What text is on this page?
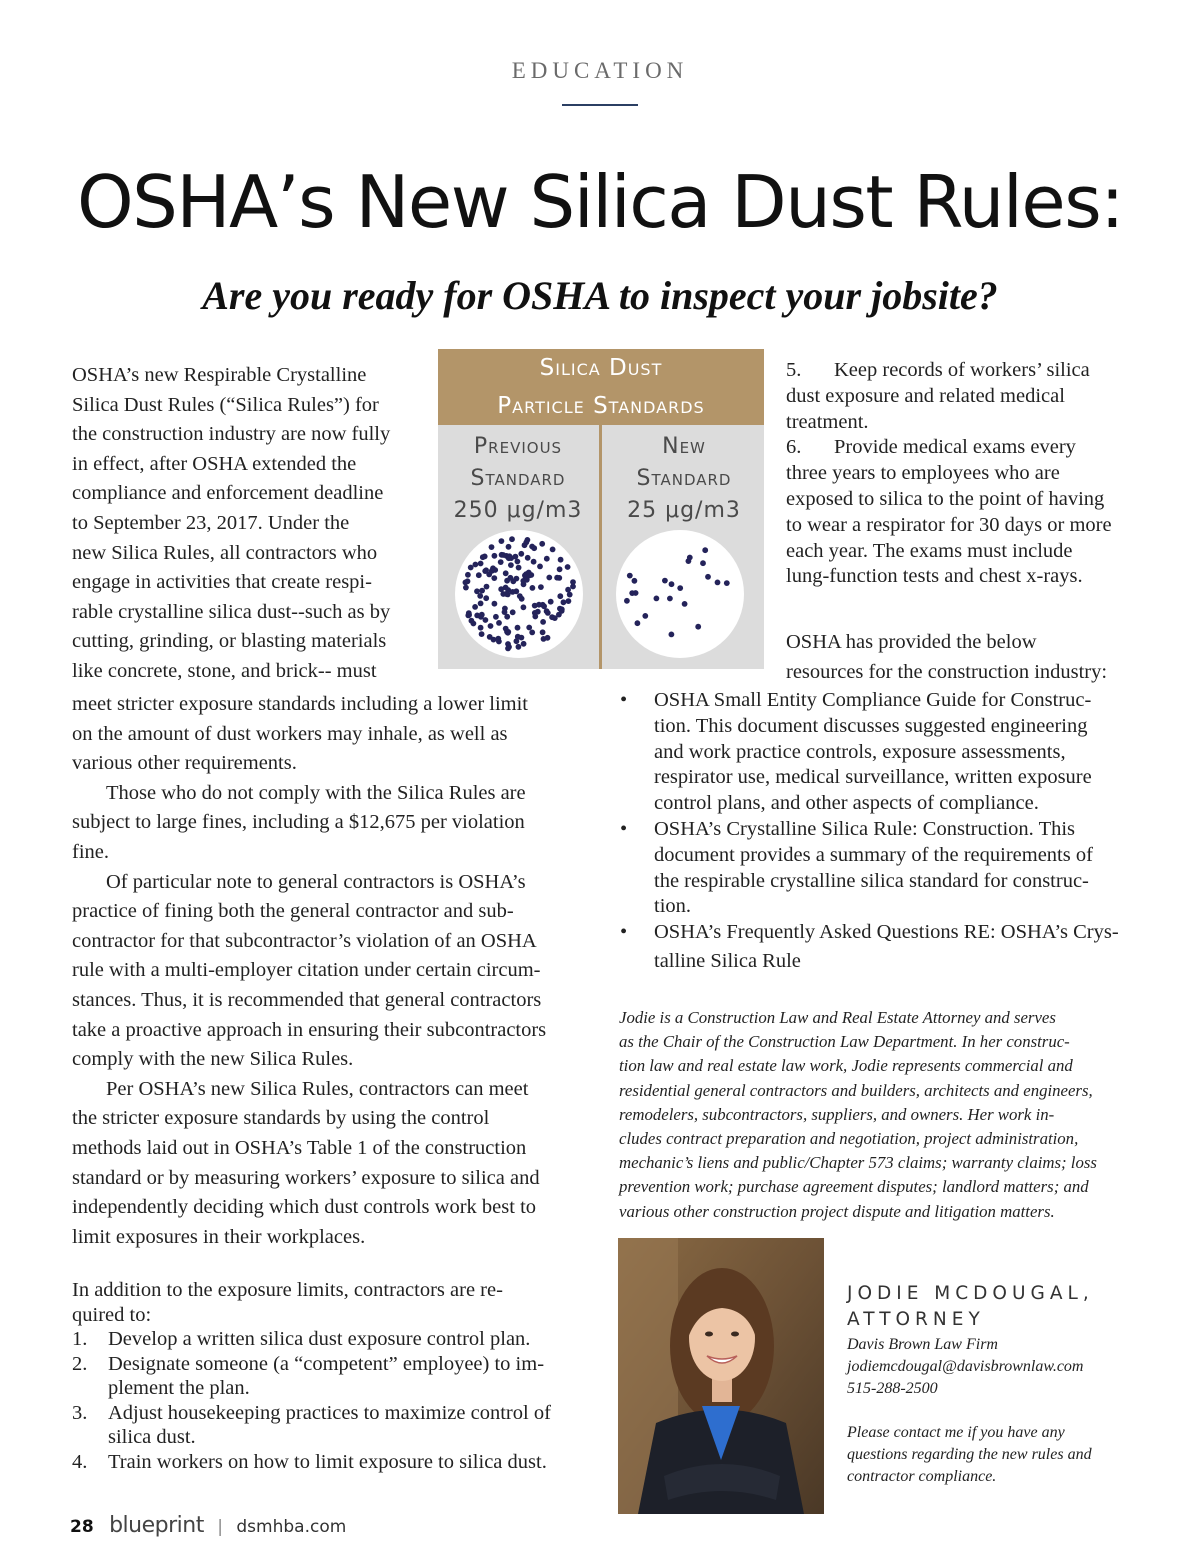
EDUCATION
OSHA’s New Silica Dust Rules:
Are you ready for OSHA to inspect your jobsite?
OSHA’s new Respirable Crystalline
Silica Dust Rules (“Silica Rules”) for
the construction industry are now fully
in effect, after OSHA extended the
compliance and enforcement deadline
to September 23, 2017. Under the
new Silica Rules, all contractors who
engage in activities that create respi-
rable crystalline silica dust--such as by
cutting, grinding, or blasting materials
like concrete, stone, and brick-- must
meet stricter exposure standards including a lower limit
on the amount of dust workers may inhale, as well as
various other requirements.
Those who do not comply with the Silica Rules are
subject to large fines, including a $12,675 per violation
fine.
Of particular note to general contractors is OSHA’s
practice of fining both the general contractor and sub-
contractor for that subcontractor’s violation of an OSHA
rule with a multi-employer citation under certain circum-
stances. Thus, it is recommended that general contractors
take a proactive approach in ensuring their subcontractors
comply with the new Silica Rules.
Per OSHA’s new Silica Rules, contractors can meet
the stricter exposure standards by using the control
methods laid out in OSHA’s Table 1 of the construction
standard or by measuring workers’ exposure to silica and
independently deciding which dust controls work best to
limit exposures in their workplaces.
In addition to the exposure limits, contractors are re-
quired to:
1. Develop a written silica dust exposure control plan.
2. Designate someone (a “competent” employee) to im-
plement the plan.
3. Adjust housekeeping practices to maximize control of
silica dust.
4. Train workers on how to limit exposure to silica dust.
Silica Dust
Particle Standards
Previous
Standard
250 μg/m3
New
Standard
25 μg/m3
5. Keep records of workers’ silica
dust exposure and related medical
treatment.
6. Provide medical exams every
three years to employees who are
exposed to silica to the point of having
to wear a respirator for 30 days or more
each year. The exams must include
lung-function tests and chest x-rays.
OSHA has provided the below
resources for the construction industry:
• OSHA Small Entity Compliance Guide for Construc-
tion. This document discusses suggested engineering
and work practice controls, exposure assessments,
respirator use, medical surveillance, written exposure
control plans, and other aspects of compliance.
• OSHA’s Crystalline Silica Rule: Construction. This
document provides a summary of the requirements of
the respirable crystalline silica standard for construc-
tion.
• OSHA’s Frequently Asked Questions RE: OSHA’s Crys-
talline Silica Rule
Jodie is a Construction Law and Real Estate Attorney and serves
as the Chair of the Construction Law Department. In her construc-
tion law and real estate law work, Jodie represents commercial and
residential general contractors and builders, architects and engineers,
remodelers, subcontractors, suppliers, and owners. Her work in-
cludes contract preparation and negotiation, project administration,
mechanic’s liens and public/Chapter 573 claims; warranty claims; loss
prevention work; purchase agreement disputes; landlord matters; and
various other construction project dispute and litigation matters.
JODIE MCDOUGAL,
ATTORNEY
Davis Brown Law Firm
jodiemcdougal@davisbrownlaw.com
515-288-2500
Please contact me if you have any
questions regarding the new rules and
contractor compliance.
28 blueprint | dsmhba.com
